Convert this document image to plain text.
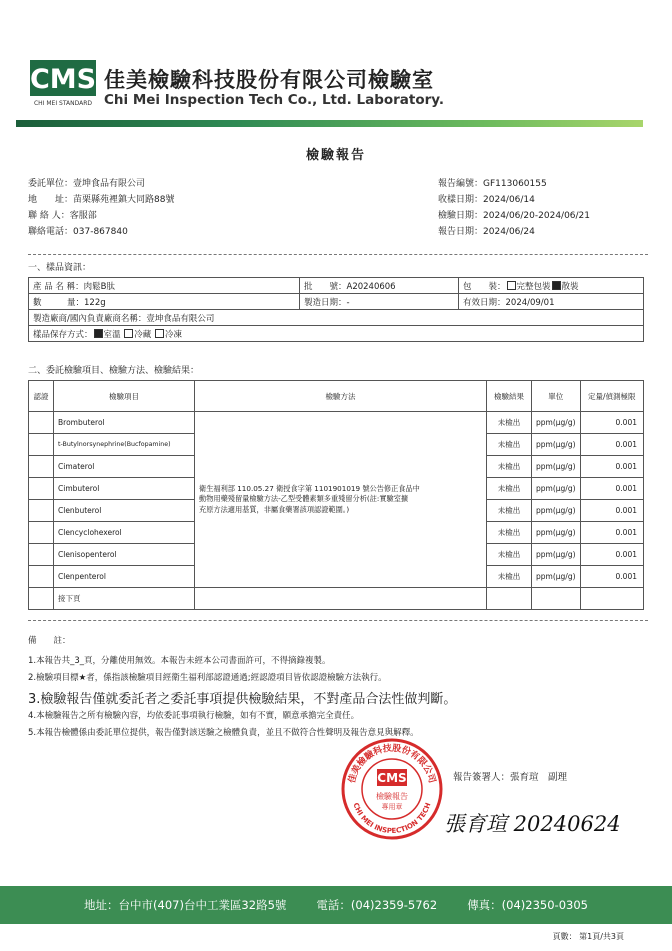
CMS
CHI MEI STANDARD
佳美檢驗科技股份有限公司檢驗室
Chi Mei Inspection Tech Co., Ltd. Laboratory.
檢驗報告
委託單位：壹坤食品有限公司
地　　址：苗栗縣苑裡鎮大同路88號
聯 絡 人：客服部
聯絡電話：037-867840
報告編號：GF113060155
收樣日期：2024/06/14
檢驗日期：2024/06/20-2024/06/21
報告日期：2024/06/24
一、樣品資訊：
產 品 名 稱：肉鬆B肽	批　　號：A20240606	包　　裝： 完整包裝 散裝
數　　　量：122g	製造日期：-	有效日期：2024/09/01
製造廠商/國內負責廠商名稱：壹坤食品有限公司		
樣品保存方式： 室溫 冷藏 冷凍		
二、委託檢驗項目、檢驗方法、檢驗結果：
認證	檢驗項目	檢驗方法	檢驗結果	單位	定量/偵測極限
	Brombuterol	衛生福利部 110.05.27 衛授食字第 1101901019 號公告修正食品中
動物用藥殘留量檢驗方法-乙型受體素類多重殘留分析(註:實驗室擴
充原方法適用基質，非屬食藥署該項認證範圍。)	未檢出	ppm(μg/g)	0.001
	t-Butylnorsynephrine(Bucfopamine)		未檢出	ppm(μg/g)	0.001
	Cimaterol		未檢出	ppm(μg/g)	0.001
	Cimbuterol		未檢出	ppm(μg/g)	0.001
	Clenbuterol		未檢出	ppm(μg/g)	0.001
	Clencyclohexerol		未檢出	ppm(μg/g)	0.001
	Clenisopenterol		未檢出	ppm(μg/g)	0.001
	Clenpenterol		未檢出	ppm(μg/g)	0.001
	接下頁				
備　　註：
1.本報告共_3_頁，分離使用無效。本報告未經本公司書面許可，不得摘錄複製。
2.檢驗項目標★者，係指該檢驗項目經衛生福利部認證通過;經認證項目皆依認證檢驗方法執行。
3.檢驗報告僅就委託者之委託事項提供檢驗結果，不對產品合法性做判斷。
4.本檢驗報告之所有檢驗內容，均依委託事項執行檢驗，如有不實，願意承擔完全責任。
5.本報告檢體係由委託單位提供，報告僅對該送驗之檢體負責，並且不做符合性聲明及報告意見與解釋。
佳美檢驗科技股份有限公司
CHI MEI INSPECTION TECH
CMS
檢驗報告
專用章
報告簽署人：張育瑄　副理
張育瑄 20240624
地址：台中市(407)台中工業區32路5號	電話：(04)2359-5762	傳真：(04)2350-0305
頁數： 第1頁/共3頁
